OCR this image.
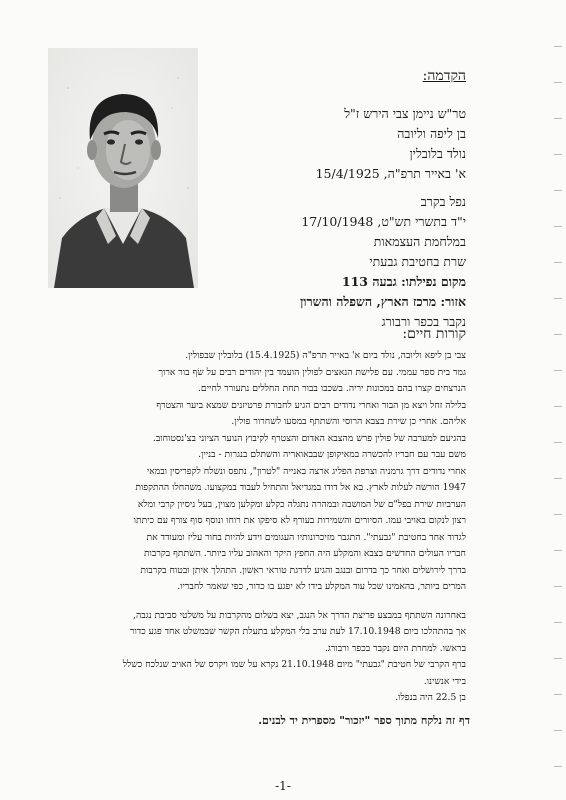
הקדמה:
טר"ש ניימן צבי הירש ז"ל
בן ליפה וליובה
נולד בלובלין
א' באייר תרפ"ה, 15/4/1925
נפל בקרב
י"ד בתשרי תש"ט, 17/10/1948
במלחמת העצמאות
שרת בחטיבת גבעתי
מקום נפילתו: גבעה 113
אזור: מרכז הארץ, השפלה והשרון
נקבר בכפר ורבורג
קורות חיים:

צבי בן ליפא וליובה, נולד ביום א' באייר תרפ"ה (15.4.1925) בלובלין שבפולין.
גמר בית ספר עממי. עם פלישת הנאצים לפולין הועמד בין יהודים רבים על שׂף בור ארוך
הנרצחים קצרו בהם במכונות יריה. בשכבו בבור תחת החללים נתעורר לחיים.
בלילה זחל ויצא מן הבור ואחרי נדודים רבים הגיע לחבורת פרטיזנים שמצא ביער והצטרף
אליהם. אחרי כן שירת בצבא הרוסי והשתתף במסעו לשחרור פולין.
בהגיעם למערבה של פולין פרש מהצבא האדום והצטרף לקיבוץ הנוער הציוני בצ'נסטוחוב.
משם עבר עם חבריו להכשרה במאיקופן שבבאואריה והשתלם בנגרות - בניין.
אחרי נדודים דרך גרמניה וצרפת הפליג ארצה באנייה "לטרון", נתפס ונשלח לקפריסין ובמאי
1947 הורשה לעלות לארץ. בא אל דודו במגדיאל והתחיל לעבוד במקצועו. משהחלו ההתקפות
הערביות שירת בפל"ם של המושבה ובמהרה נתגלה כקלע ומקלען מצוין, בעל ניסיון קרבי ומלא
רצון לנקום באויבי עמו. הסיורים והשמירות בעורף לא סיפקו את רוחו ונוסף סוף צורף עם כיתתו
לגדוד אחד בחטיבת "גבעתי". התגבר מזיכרונותיו העגומים וידע להיות בחור עליז ומעודד את
חבריו העולים החדשים בצבא והמקלע היה החפץ היקר והאהוב עליו ביותר. השתתף בקרבות
בדרך לירושלים ואחר כך בדרום ובנגב והגיע לדרגת טוראי ראשון. התהלך איתן ובטוח בקרבות
המרים ביותר, בהאמינו שכל עוד המקלע בידו לא יפגע בו כדור, כפי שאמר לחבריו.

באחרונה השתתף במבצע פריצת הדרך אל הנגב, יצא בשלום מהקרבות על משלטי סביבת נגבה,
אך בהתהלכו ביום 17.10.1948 לעת ערב בלי המקלע בתעלת הקשר שבמשלט אחד פגע כדור
בראשו. למחרת היום נקבר בכפר ורבורג.
ברף הקרבי של חטיבת "גבעתי" מיום 21.10.1948 נקרא על שמו ויקרס של האויב שנלכח כשלל
בידי אנשינו.
בן 22.5 היה בנפלו.

דף זה נלקח מתוך ספר "יזכור" מספרית יד לבנים.
-1-
